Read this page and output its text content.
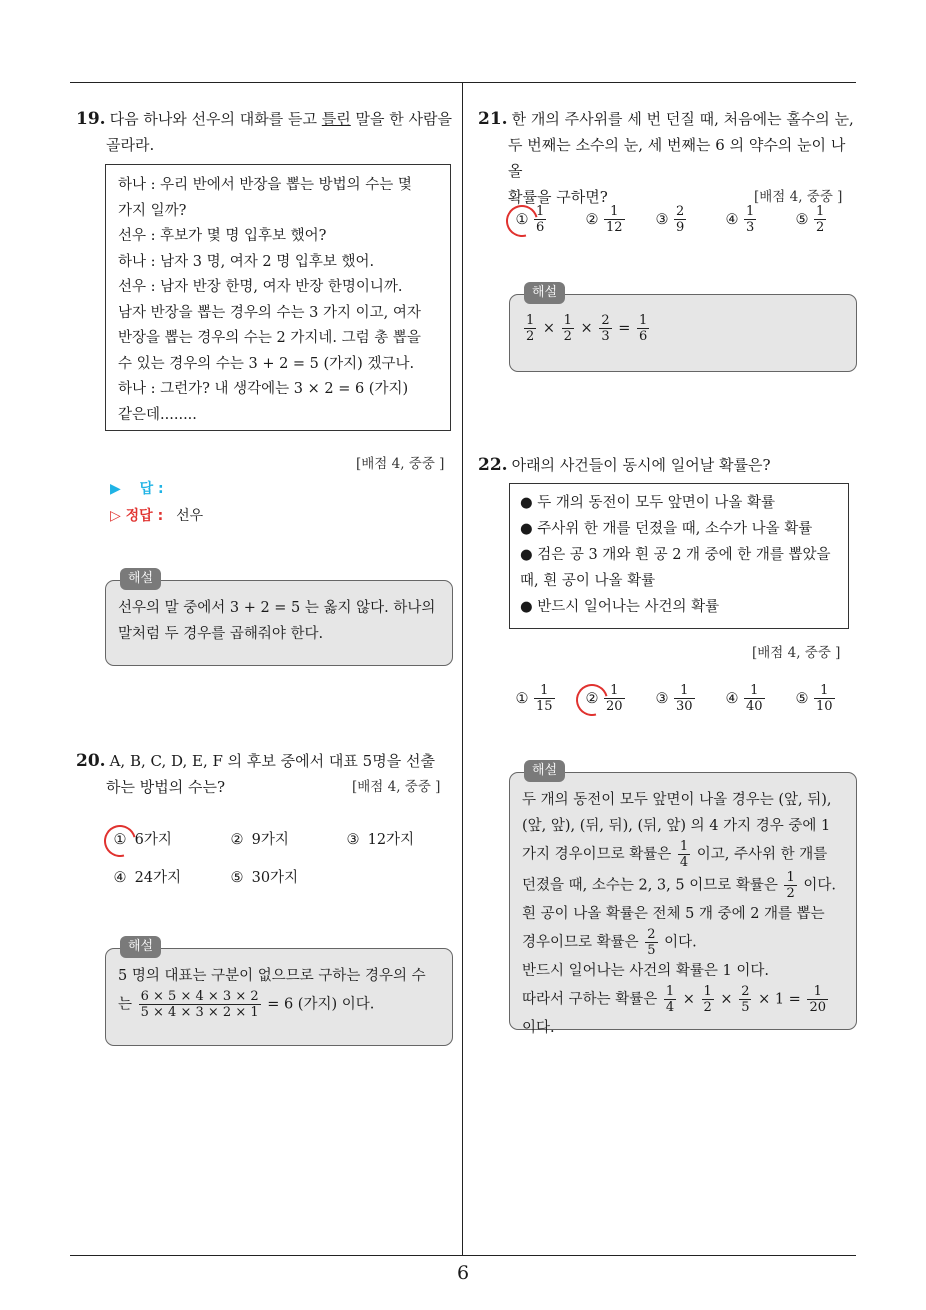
6
19. 다음 하나와 선우의 대화를 듣고 틀린 말을 한 사람을
골라라.
하나 : 우리 반에서 반장을 뽑는 방법의 수는 몇
가지 일까?
선우 : 후보가 몇 명 입후보 했어?
하나 : 남자 3 명, 여자 2 명 입후보 했어.
선우 : 남자 반장 한명, 여자 반장 한명이니까.
남자 반장을 뽑는 경우의 수는 3 가지 이고, 여자
반장을 뽑는 경우의 수는 2 가지네. 그럼 총 뽑을
수 있는 경우의 수는 3 + 2 = 5 (가지) 겠구나.
하나 : 그런가? 내 생각에는 3 × 2 = 6 (가지)
같은데........
[배점 4, 중중 ]
▶ 답 :
▷ 정답 : 선우
해설
선우의 말 중에서 3 + 2 = 5 는 옳지 않다. 하나의
말처럼 두 경우를 곱해줘야 한다.
20. A, B, C, D, E, F 의 후보 중에서 대표 5명을 선출
하는 방법의 수는?	[배점 4, 중중 ]
① 6가지	② 9가지	③ 12가지
④ 24가지	⑤ 30가지
해설
5 명의 대표는 구분이 없으므로 구하는 경우의 수
는 $\frac{6 \times 5 \times 4 \times 3 \times 2}{5 \times 4 \times 3 \times 2 \times 1} = 6$ (가지) 이다.
21. 한 개의 주사위를 세 번 던질 때, 처음에는 홀수의 눈,
두 번째는 소수의 눈, 세 번째는 6 의 약수의 눈이 나올
확률을 구하면?	[배점 4, 중중 ]
① $\frac{1}{6}$	② $\frac{1}{12}$ ③ $\frac{2}{9}$	④ $\frac{1}{3}$	⑤ $\frac{1}{2}$
해설
$\frac{1}{2} \times \frac{1}{2} \times \frac{2}{3} = \frac{1}{6}$
22. 아래의 사건들이 동시에 일어날 확률은?
● 두 개의 동전이 모두 앞면이 나올 확률
● 주사위 한 개를 던졌을 때, 소수가 나올 확률
● 검은 공 3 개와 흰 공 2 개 중에 한 개를 뽑았을
때, 흰 공이 나올 확률
● 반드시 일어나는 사건의 확률
[배점 4, 중중 ]
① $\frac{1}{15}$ ② $\frac{1}{20}$ ③ $\frac{1}{30}$ ④ $\frac{1}{40}$ ⑤ $\frac{1}{10}$
해설
두 개의 동전이 모두 앞면이 나올 경우는 (앞, 뒤),
(앞, 앞), (뒤, 뒤), (뒤, 앞) 의 4 가지 경우 중에 1
가지 경우이므로 확률은 $\frac{1}{4}$ 이고, 주사위 한 개를
던졌을 때, 소수는 2, 3, 5 이므로 확률은 $\frac{1}{2}$ 이다.
흰 공이 나올 확률은 전체 5 개 중에 2 개를 뽑는
경우이므로 확률은 $\frac{2}{5}$ 이다.
반드시 일어나는 사건의 확률은 1 이다.
따라서 구하는 확률은 $\frac{1}{4} \times \frac{1}{2} \times \frac{2}{5} \times 1 = \frac{1}{20}$
이다.
